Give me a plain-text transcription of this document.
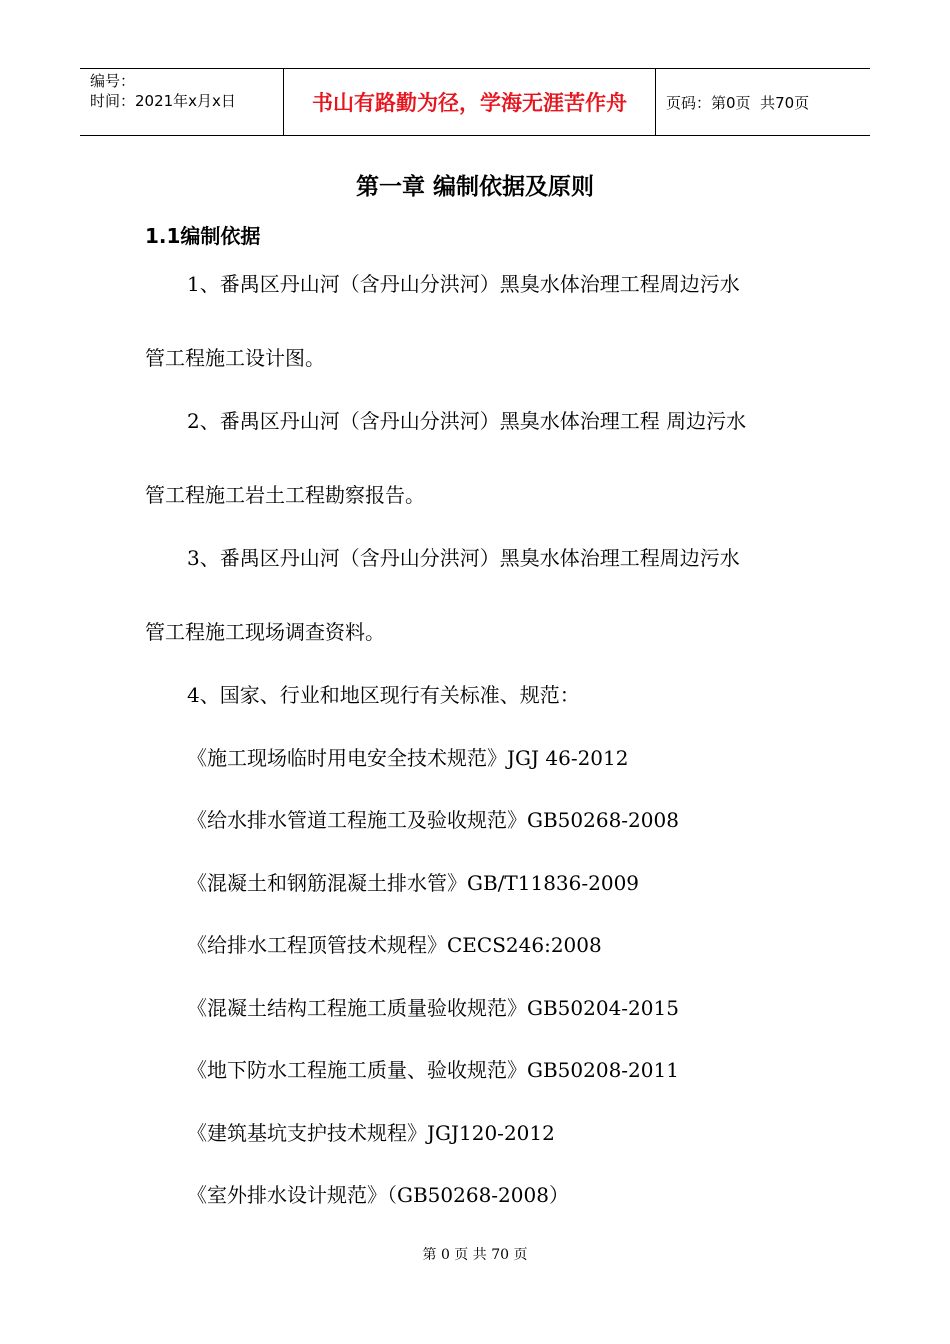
编号：
时间：2021年x月x日	书山有路勤为径，学海无涯苦作舟	页码：第0页  共70页
第一章 编制依据及原则
1.1编制依据
1、番禺区丹山河（含丹山分洪河）黑臭水体治理工程周边污水
管工程施工设计图。
2、番禺区丹山河（含丹山分洪河）黑臭水体治理工程 周边污水
管工程施工岩土工程勘察报告。
3、番禺区丹山河（含丹山分洪河）黑臭水体治理工程周边污水
管工程施工现场调查资料。
4、国家、行业和地区现行有关标准、规范：
《施工现场临时用电安全技术规范》JGJ 46-2012
《给水排水管道工程施工及验收规范》GB50268-2008
《混凝土和钢筋混凝土排水管》GB/T11836-2009
《给排水工程顶管技术规程》CECS246:2008
《混凝土结构工程施工质量验收规范》GB50204-2015
《地下防水工程施工质量、验收规范》GB50208-2011
《建筑基坑支护技术规程》JGJ120-2012
《室外排水设计规范》（GB50268-2008）
第 0 页 共 70 页
